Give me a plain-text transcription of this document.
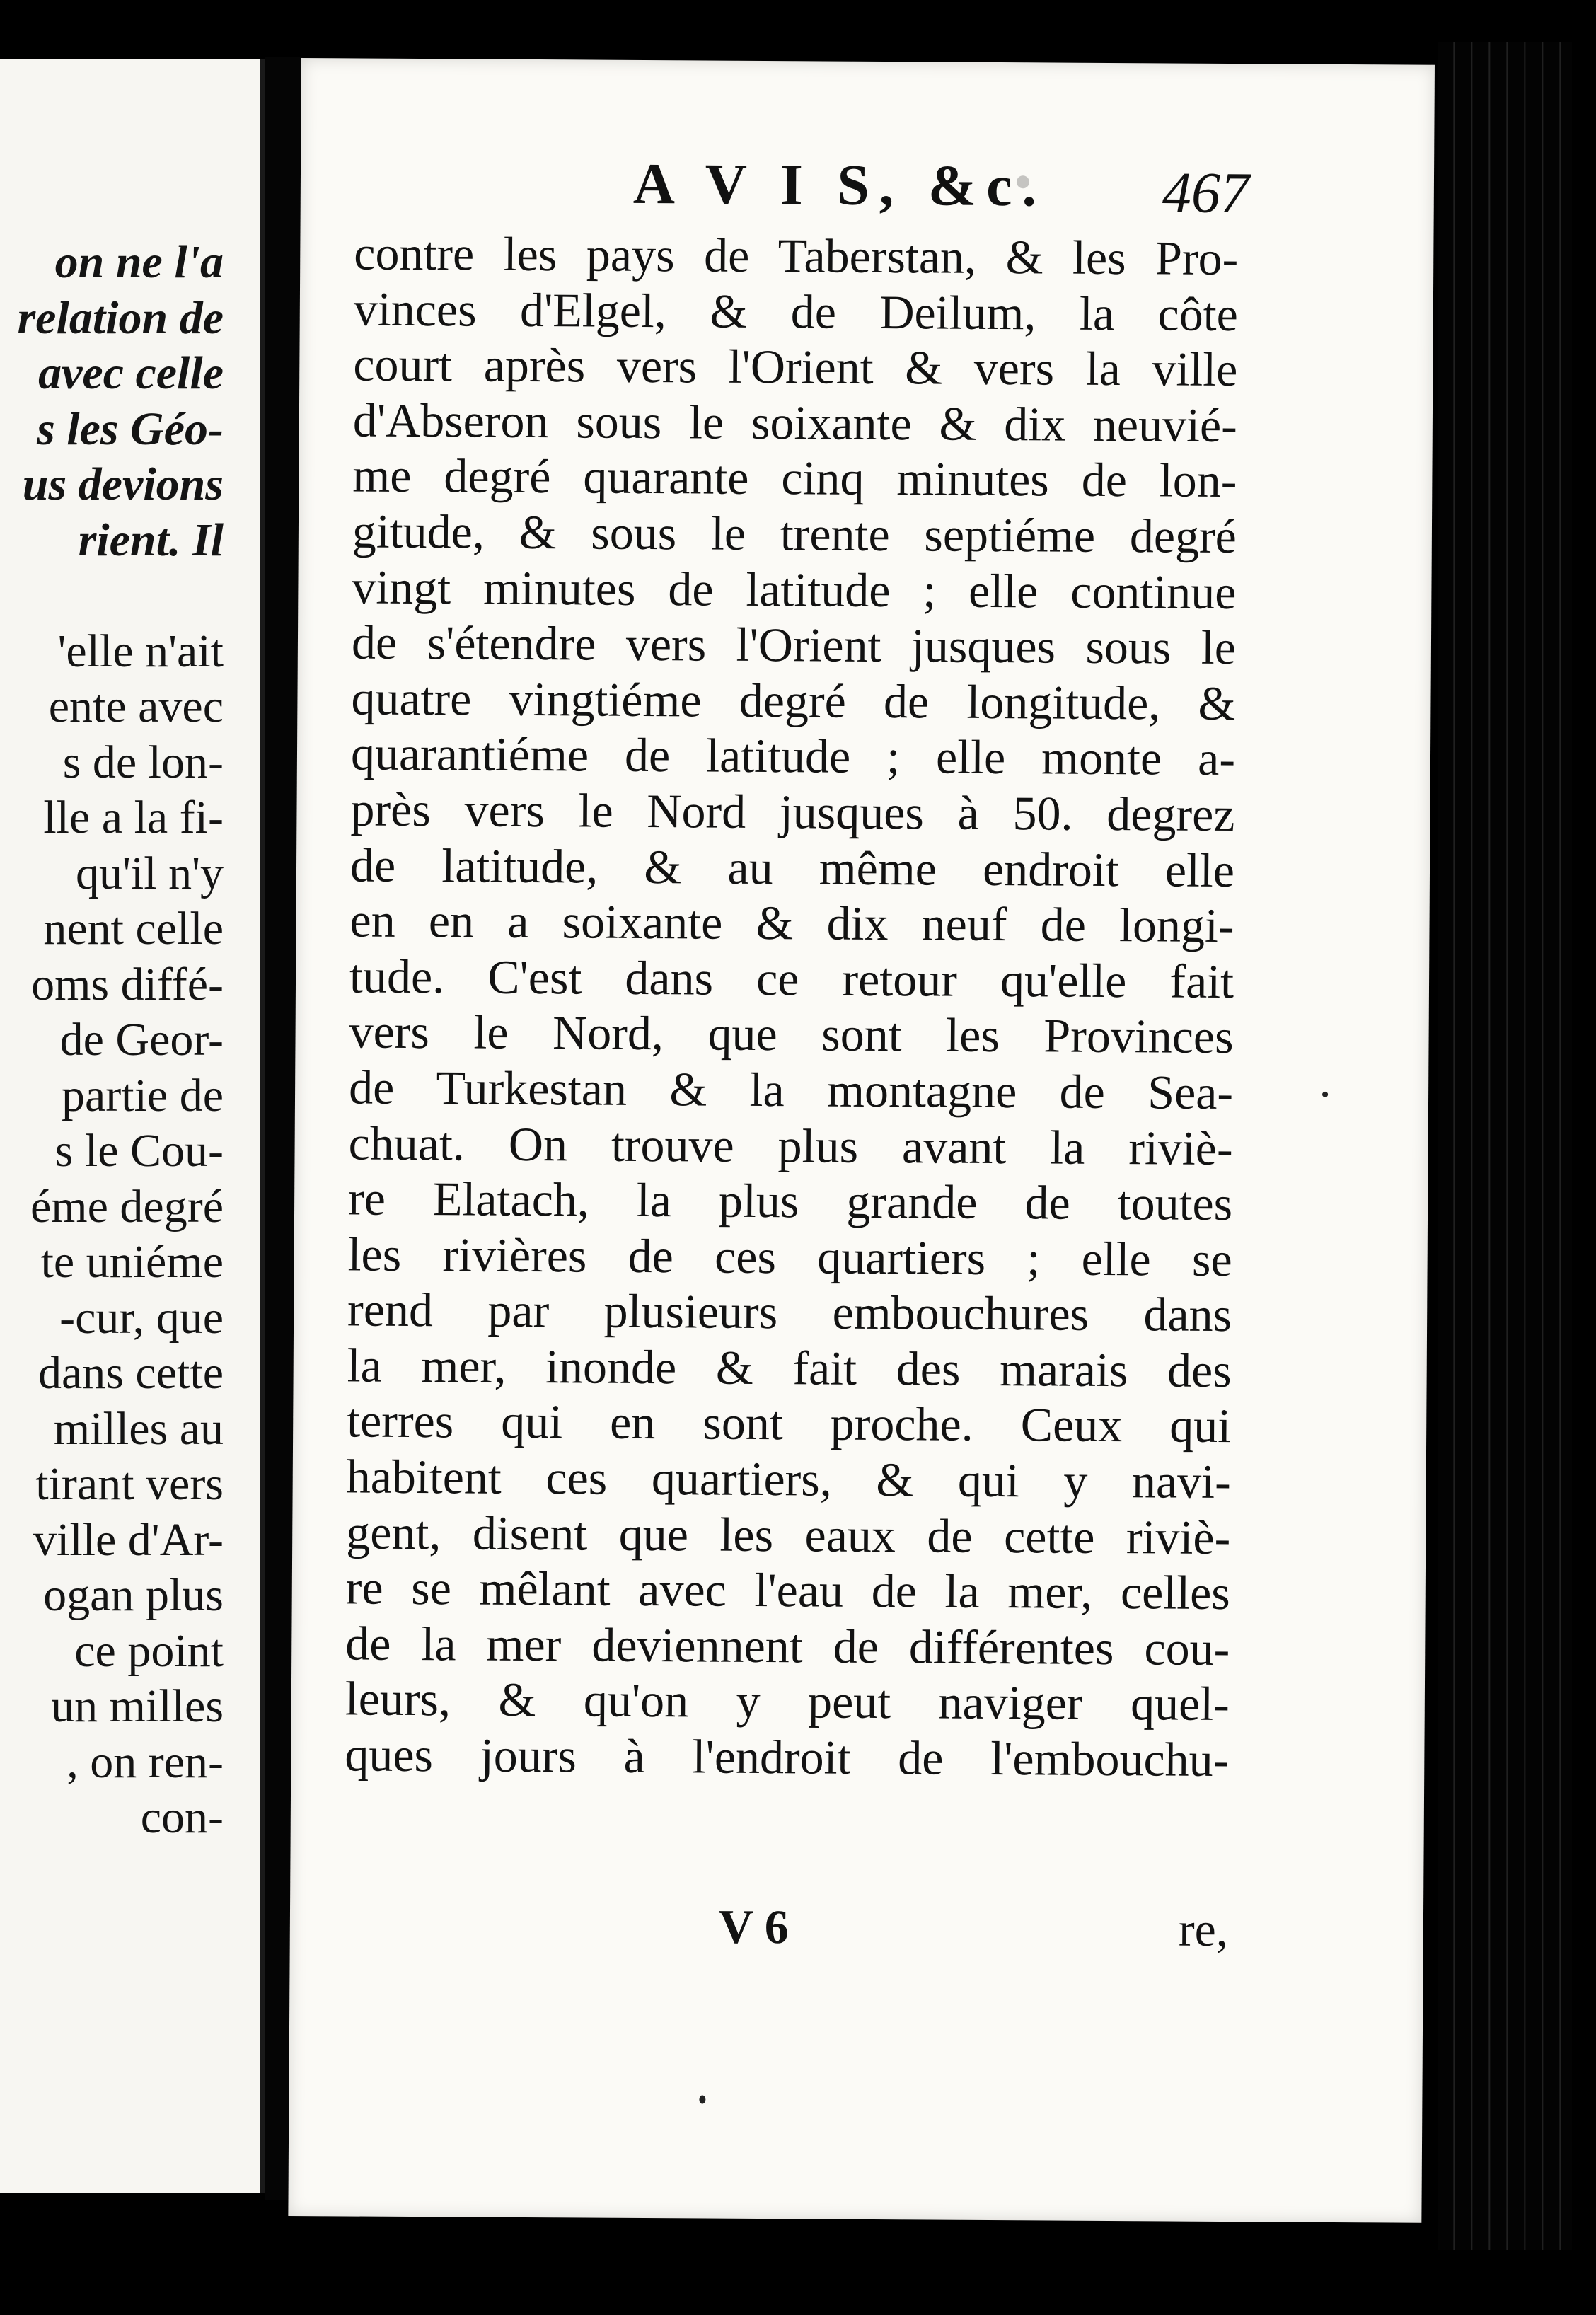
on ne l'a
relation de
avec celle
s les Géo-
us devions
rient. Il
'elle n'ait
ente avec
s de lon-
lle a la fi-
qu'il n'y
nent celle
oms diffé-
de Geor-
partie de
s le Cou-
éme degré
te uniéme
-cur, que
dans cette
milles au
tirant vers
ville d'Ar-
ogan plus
ce point
un milles
, on ren-
con-
A V I S, &c. 467
contre les pays de Taberstan, & les Pro-
vinces d'Elgel, & de Deilum, la côte
court après vers l'Orient & vers la ville
d'Abseron sous le soixante & dix neuvié-
me degré quarante cinq minutes de lon-
gitude, & sous le trente septiéme degré
vingt minutes de latitude ; elle continue
de s'étendre vers l'Orient jusques sous le
quatre vingtiéme degré de longitude, &
quarantiéme de latitude ; elle monte a-
près vers le Nord jusques à 50. degrez
de latitude, & au même endroit elle
en en a soixante & dix neuf de longi-
tude. C'est dans ce retour qu'elle fait
vers le Nord, que sont les Provinces
de Turkestan & la montagne de Sea-
chuat. On trouve plus avant la riviè-
re Elatach, la plus grande de toutes
les rivières de ces quartiers ; elle se
rend par plusieurs embouchures dans
la mer, inonde & fait des marais des
terres qui en sont proche. Ceux qui
habitent ces quartiers, & qui y navi-
gent, disent que les eaux de cette riviè-
re se mêlant avec l'eau de la mer, celles
de la mer deviennent de différentes cou-
leurs, & qu'on y peut naviger quel-
ques jours à l'endroit de l'embouchu-
V 6	re,
